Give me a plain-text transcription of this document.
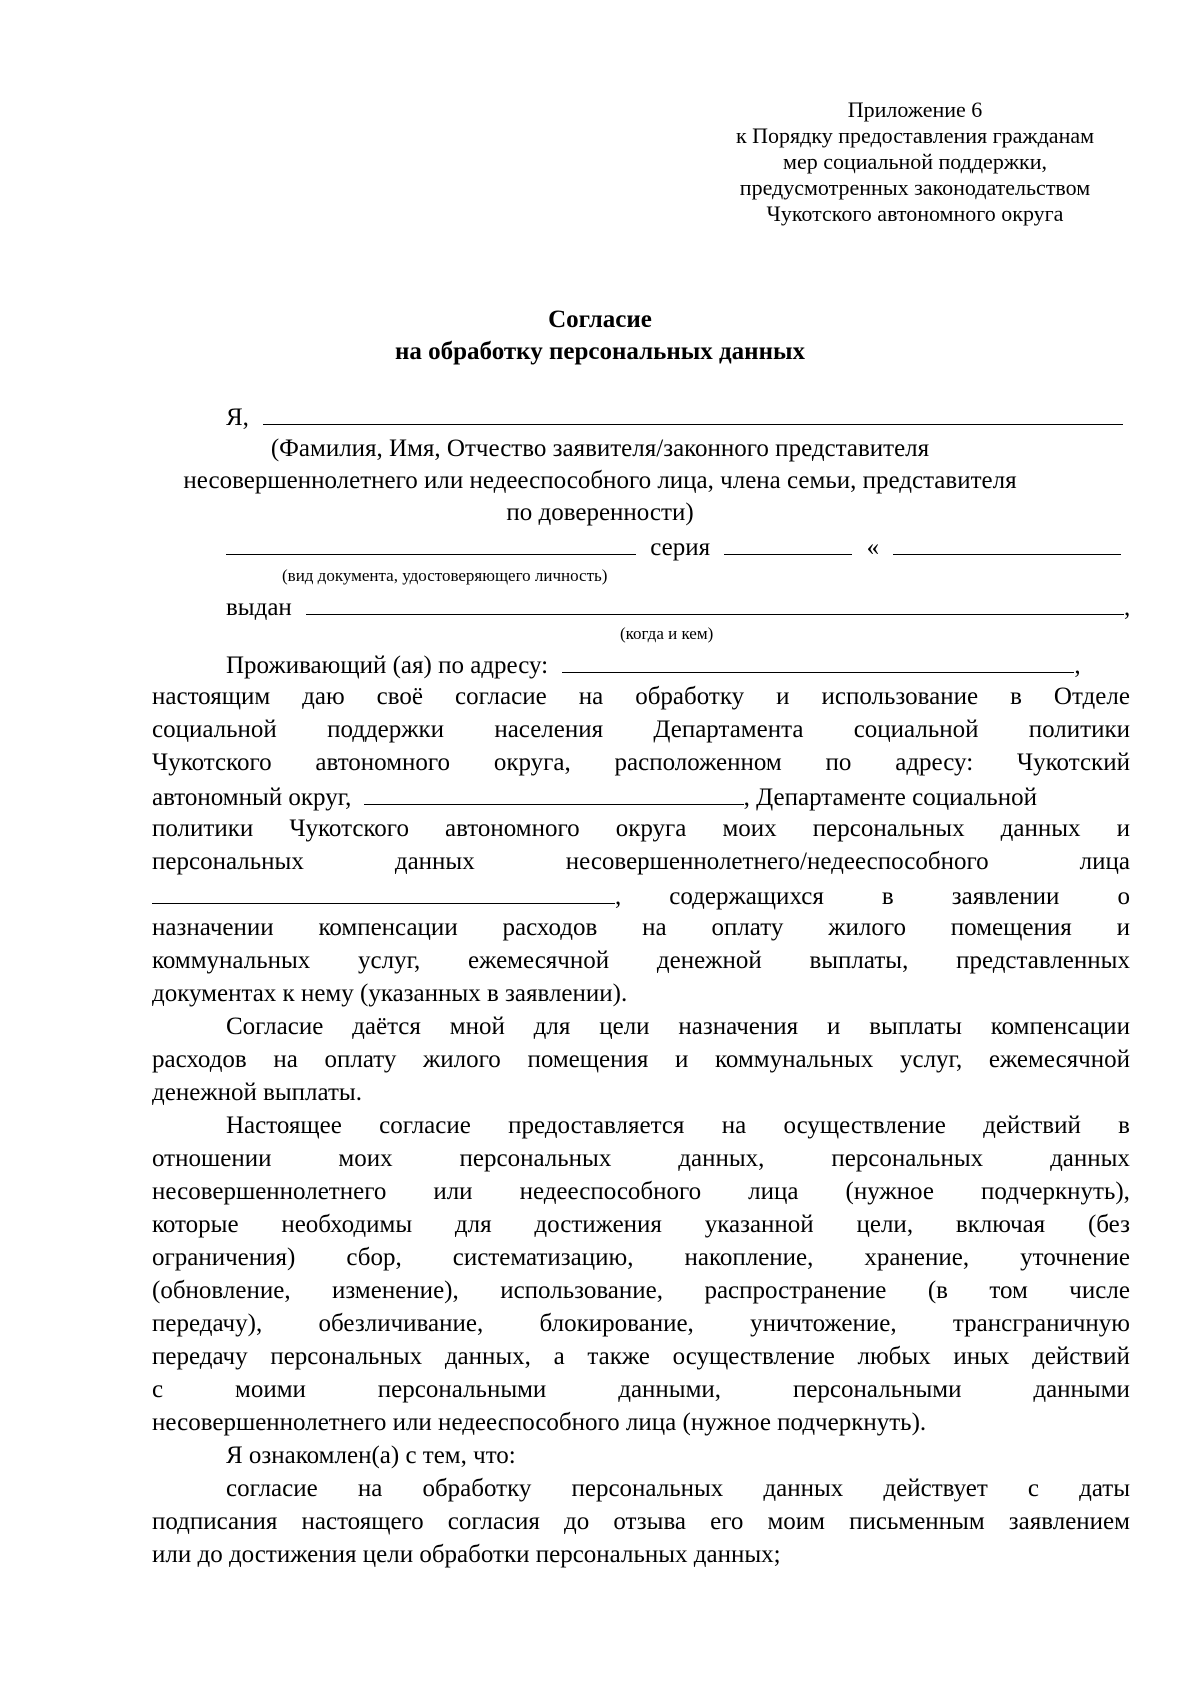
Приложение 6
к Порядку предоставления гражданам
мер социальной поддержки,
предусмотренных законодательством
Чукотского автономного округа
Согласие
на обработку персональных данных
Я,
(Фамилия, Имя, Отчество заявителя/законного представителя
несовершеннолетнего или недееспособного лица, члена семьи, представителя
по доверенности)
серия	«
(вид документа, удостоверяющего личность)
выдан	,
(когда и кем)
Проживающий (ая) по адресу:	,
настоящим даю своё согласие на обработку и использование в Отделе
социальной поддержки населения Департамента социальной политики
Чукотского автономного округа, расположенном по адресу: Чукотский
автономный округ,	, Департаменте социальной
политики Чукотского автономного округа моих персональных данных и
персональных	данных	несовершеннолетнего/недееспособного	лица
, содержащихся в заявлении о
назначении компенсации расходов на оплату жилого помещения и
коммунальных услуг, ежемесячной денежной выплаты, представленных
документах к нему (указанных в заявлении).
Согласие даётся мной для цели назначения и выплаты компенсации
расходов на оплату жилого помещения и коммунальных услуг, ежемесячной
денежной выплаты.
Настоящее согласие предоставляется на осуществление действий в
отношении	моих	персональных	данных,	персональных	данных
несовершеннолетнего или недееспособного лица (нужное подчеркнуть),
которые необходимы для достижения указанной цели, включая (без
ограничения) сбор, систематизацию, накопление, хранение, уточнение
(обновление, изменение), использование, распространение (в том числе
передачу), обезличивание, блокирование, уничтожение, трансграничную
передачу персональных данных, а также осуществление любых иных действий
с	моими	персональными	данными,	персональными	данными
несовершеннолетнего или недееспособного лица (нужное подчеркнуть).
Я ознакомлен(а) с тем, что:
согласие на обработку персональных данных действует с даты
подписания настоящего согласия до отзыва его моим письменным заявлением
или до достижения цели обработки персональных данных;
